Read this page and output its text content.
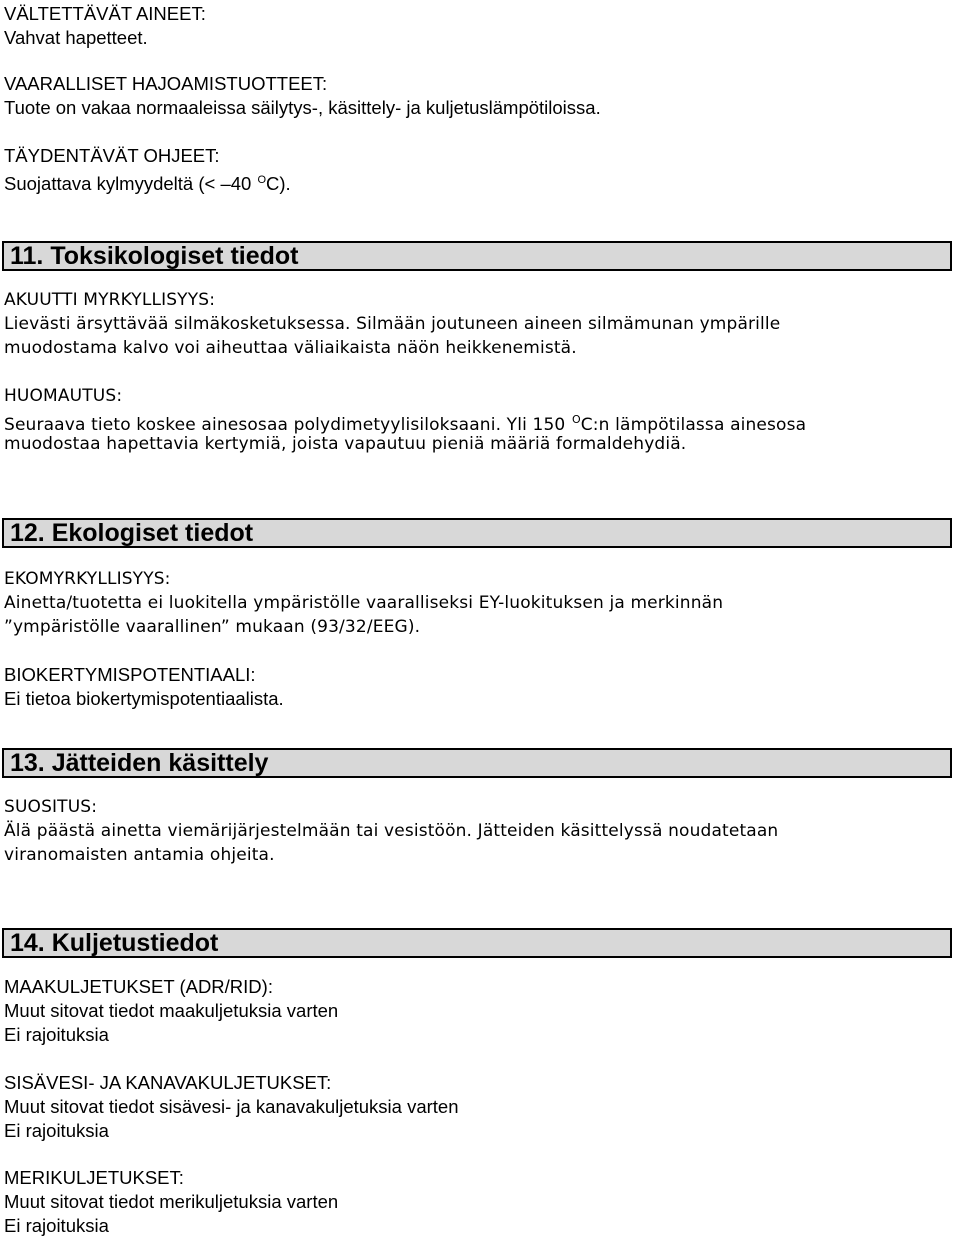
VÄLTETTÄVÄT AINEET:

Vahvat hapetteet.

VAARALLISET HAJOAMISTUOTTEET:

Tuote on vakaa normaaleissa säilytys-, käsittely- ja kuljetuslämpötiloissa.

TÄYDENTÄVÄT OHJEET:

Suojattava kylmyydeltä (< –40 $^O$C).

11. Toksikologiset tiedot

AKUUTTI MYRKYLLISYYS:

Lievästi ärsyttävää silmäkosketuksessa. Silmään joutuneen aineen silmämunan ympärille

muodostama kalvo voi aiheuttaa väliaikaista näön heikkenemistä.

HUOMAUTUS:

Seuraava tieto koskee ainesosaa polydimetyylisiloksaani. Yli 150 $^O$C:n lämpötilassa ainesosa

muodostaa hapettavia kertymiä, joista vapautuu pieniä määriä formaldehydiä.

12. Ekologiset tiedot

EKOMYRKYLLISYYS:

Ainetta/tuotetta ei luokitella ympäristölle vaaralliseksi EY-luokituksen ja merkinnän

”ympäristölle vaarallinen” mukaan (93/32/EEG).

BIOKERTYMISPOTENTIAALI:

Ei tietoa biokertymispotentiaalista.

13. Jätteiden käsittely

SUOSITUS:

Älä päästä ainetta viemärijärjestelmään tai vesistöön. Jätteiden käsittelyssä noudatetaan

viranomaisten antamia ohjeita.

14. Kuljetustiedot

MAAKULJETUKSET (ADR/RID):

Muut sitovat tiedot maakuljetuksia varten

Ei rajoituksia

SISÄVESI- JA KANAVAKULJETUKSET:

Muut sitovat tiedot sisävesi- ja kanavakuljetuksia varten

Ei rajoituksia

MERIKULJETUKSET:

Muut sitovat tiedot merikuljetuksia varten

Ei rajoituksia
